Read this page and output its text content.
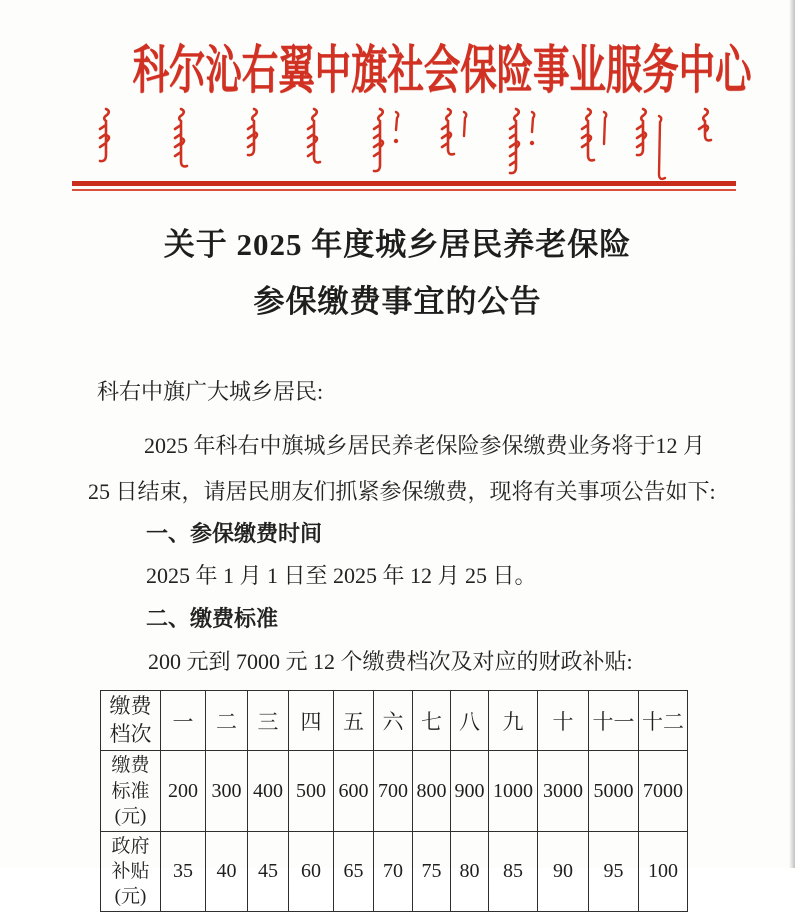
科尔沁右翼中旗社会保险事业服务中心
关于 2025 年度城乡居民养老保险
参保缴费事宜的公告
科右中旗广大城乡居民:
2025 年科右中旗城乡居民养老保险参保缴费业务将于12 月
25 日结束，请居民朋友们抓紧参保缴费，现将有关事项公告如下:
一、参保缴费时间
2025 年 1 月 1 日至 2025 年 12 月 25 日。
二、缴费标准
200 元到 7000 元 12 个缴费档次及对应的财政补贴:
缴费档次	一	二	三	四	五	六	七	八	九	十	十一	十二
缴费标准(元)	200	300	400	500	600	700	800	900	1000	3000	5000	7000
政府补贴(元)	35	40	45	60	65	70	75	80	85	90	95	100
